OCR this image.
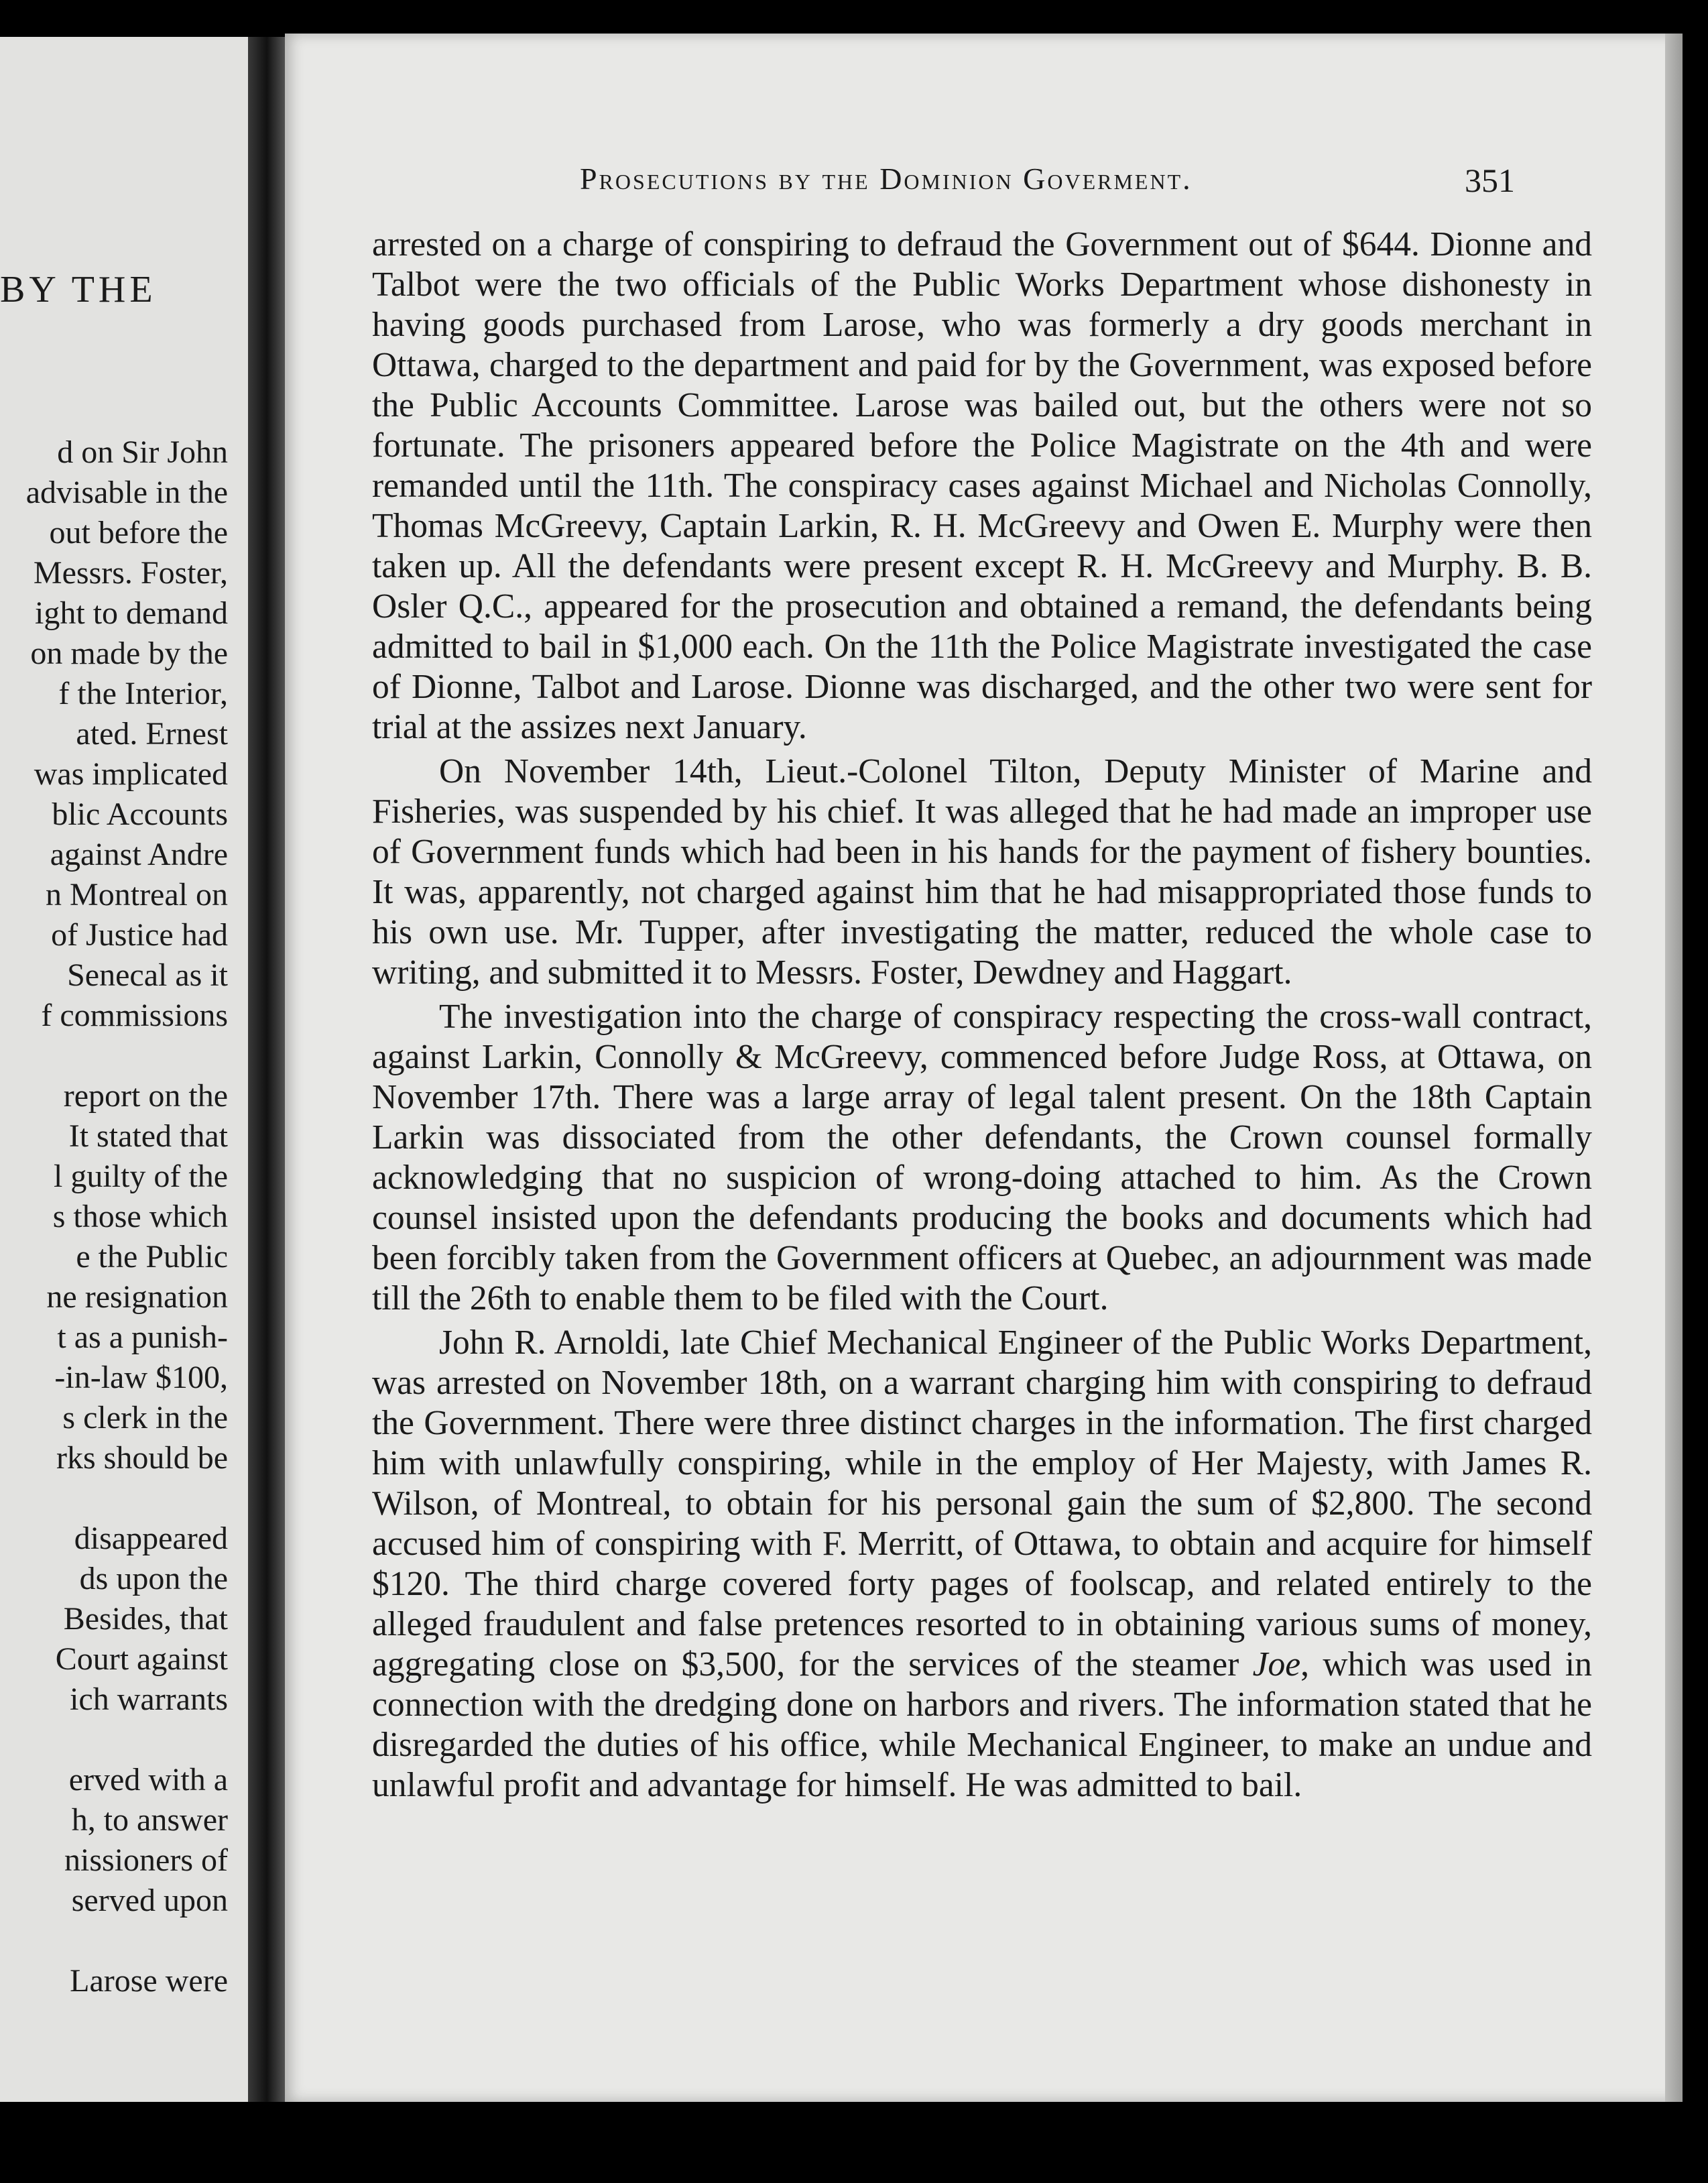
BY THE
d on Sir John
advisable in the
out before the
Messrs. Foster,
ight to demand
on made by the
f the Interior,
ated. Ernest
was implicated
blic Accounts
against Andre
n Montreal on
of Justice had
Senecal as it
f commissions
report on the
It stated that
l guilty of the
s those which
e the Public
ne resignation
t as a punish-
-in-law $100,
s clerk in the
rks should be
disappeared
ds upon the
Besides, that
Court against
ich warrants
erved with a
h, to answer
nissioners of
served upon
Larose were
Prosecutions by the Dominion Goverment.	351

arrested on a charge of conspiring to defraud the Government out of $644. Dionne and Talbot were the two officials of the Public Works Department whose dishonesty in having goods purchased from Larose, who was formerly a dry goods merchant in Ottawa, charged to the department and paid for by the Government, was exposed before the Public Accounts Committee. Larose was bailed out, but the others were not so fortunate. The prisoners appeared before the Police Magistrate on the 4th and were remanded until the 11th. The conspiracy cases against Michael and Nicholas Connolly, Thomas McGreevy, Captain Larkin, R. H. McGreevy and Owen E. Murphy were then taken up. All the defendants were present except R. H. McGreevy and Murphy. B. B. Osler Q.C., appeared for the prosecution and obtained a remand, the defendants being admitted to bail in $1,000 each. On the 11th the Police Magistrate investigated the case of Dionne, Talbot and Larose. Dionne was discharged, and the other two were sent for trial at the assizes next January.

On November 14th, Lieut.-Colonel Tilton, Deputy Minister of Marine and Fisheries, was suspended by his chief. It was alleged that he had made an improper use of Government funds which had been in his hands for the payment of fishery bounties. It was, apparently, not charged against him that he had misappropriated those funds to his own use. Mr. Tupper, after investigating the matter, reduced the whole case to writing, and submitted it to Messrs. Foster, Dewdney and Haggart.

The investigation into the charge of conspiracy respecting the cross-wall contract, against Larkin, Connolly & McGreevy, commenced before Judge Ross, at Ottawa, on November 17th. There was a large array of legal talent present. On the 18th Captain Larkin was dissociated from the other defendants, the Crown counsel formally acknowledging that no suspicion of wrong-doing attached to him. As the Crown counsel insisted upon the defendants producing the books and documents which had been forcibly taken from the Government officers at Quebec, an adjournment was made till the 26th to enable them to be filed with the Court.

John R. Arnoldi, late Chief Mechanical Engineer of the Public Works Department, was arrested on November 18th, on a warrant charging him with conspiring to defraud the Government. There were three distinct charges in the information. The first charged him with unlawfully conspiring, while in the employ of Her Majesty, with James R. Wilson, of Montreal, to obtain for his personal gain the sum of $2,800. The second accused him of conspiring with F. Merritt, of Ottawa, to obtain and acquire for himself $120. The third charge covered forty pages of foolscap, and related entirely to the alleged fraudulent and false pretences resorted to in obtaining various sums of money, aggregating close on $3,500, for the services of the steamer Joe, which was used in connection with the dredging done on harbors and rivers. The information stated that he disregarded the duties of his office, while Mechanical Engineer, to make an undue and unlawful profit and advantage for himself. He was admitted to bail.
